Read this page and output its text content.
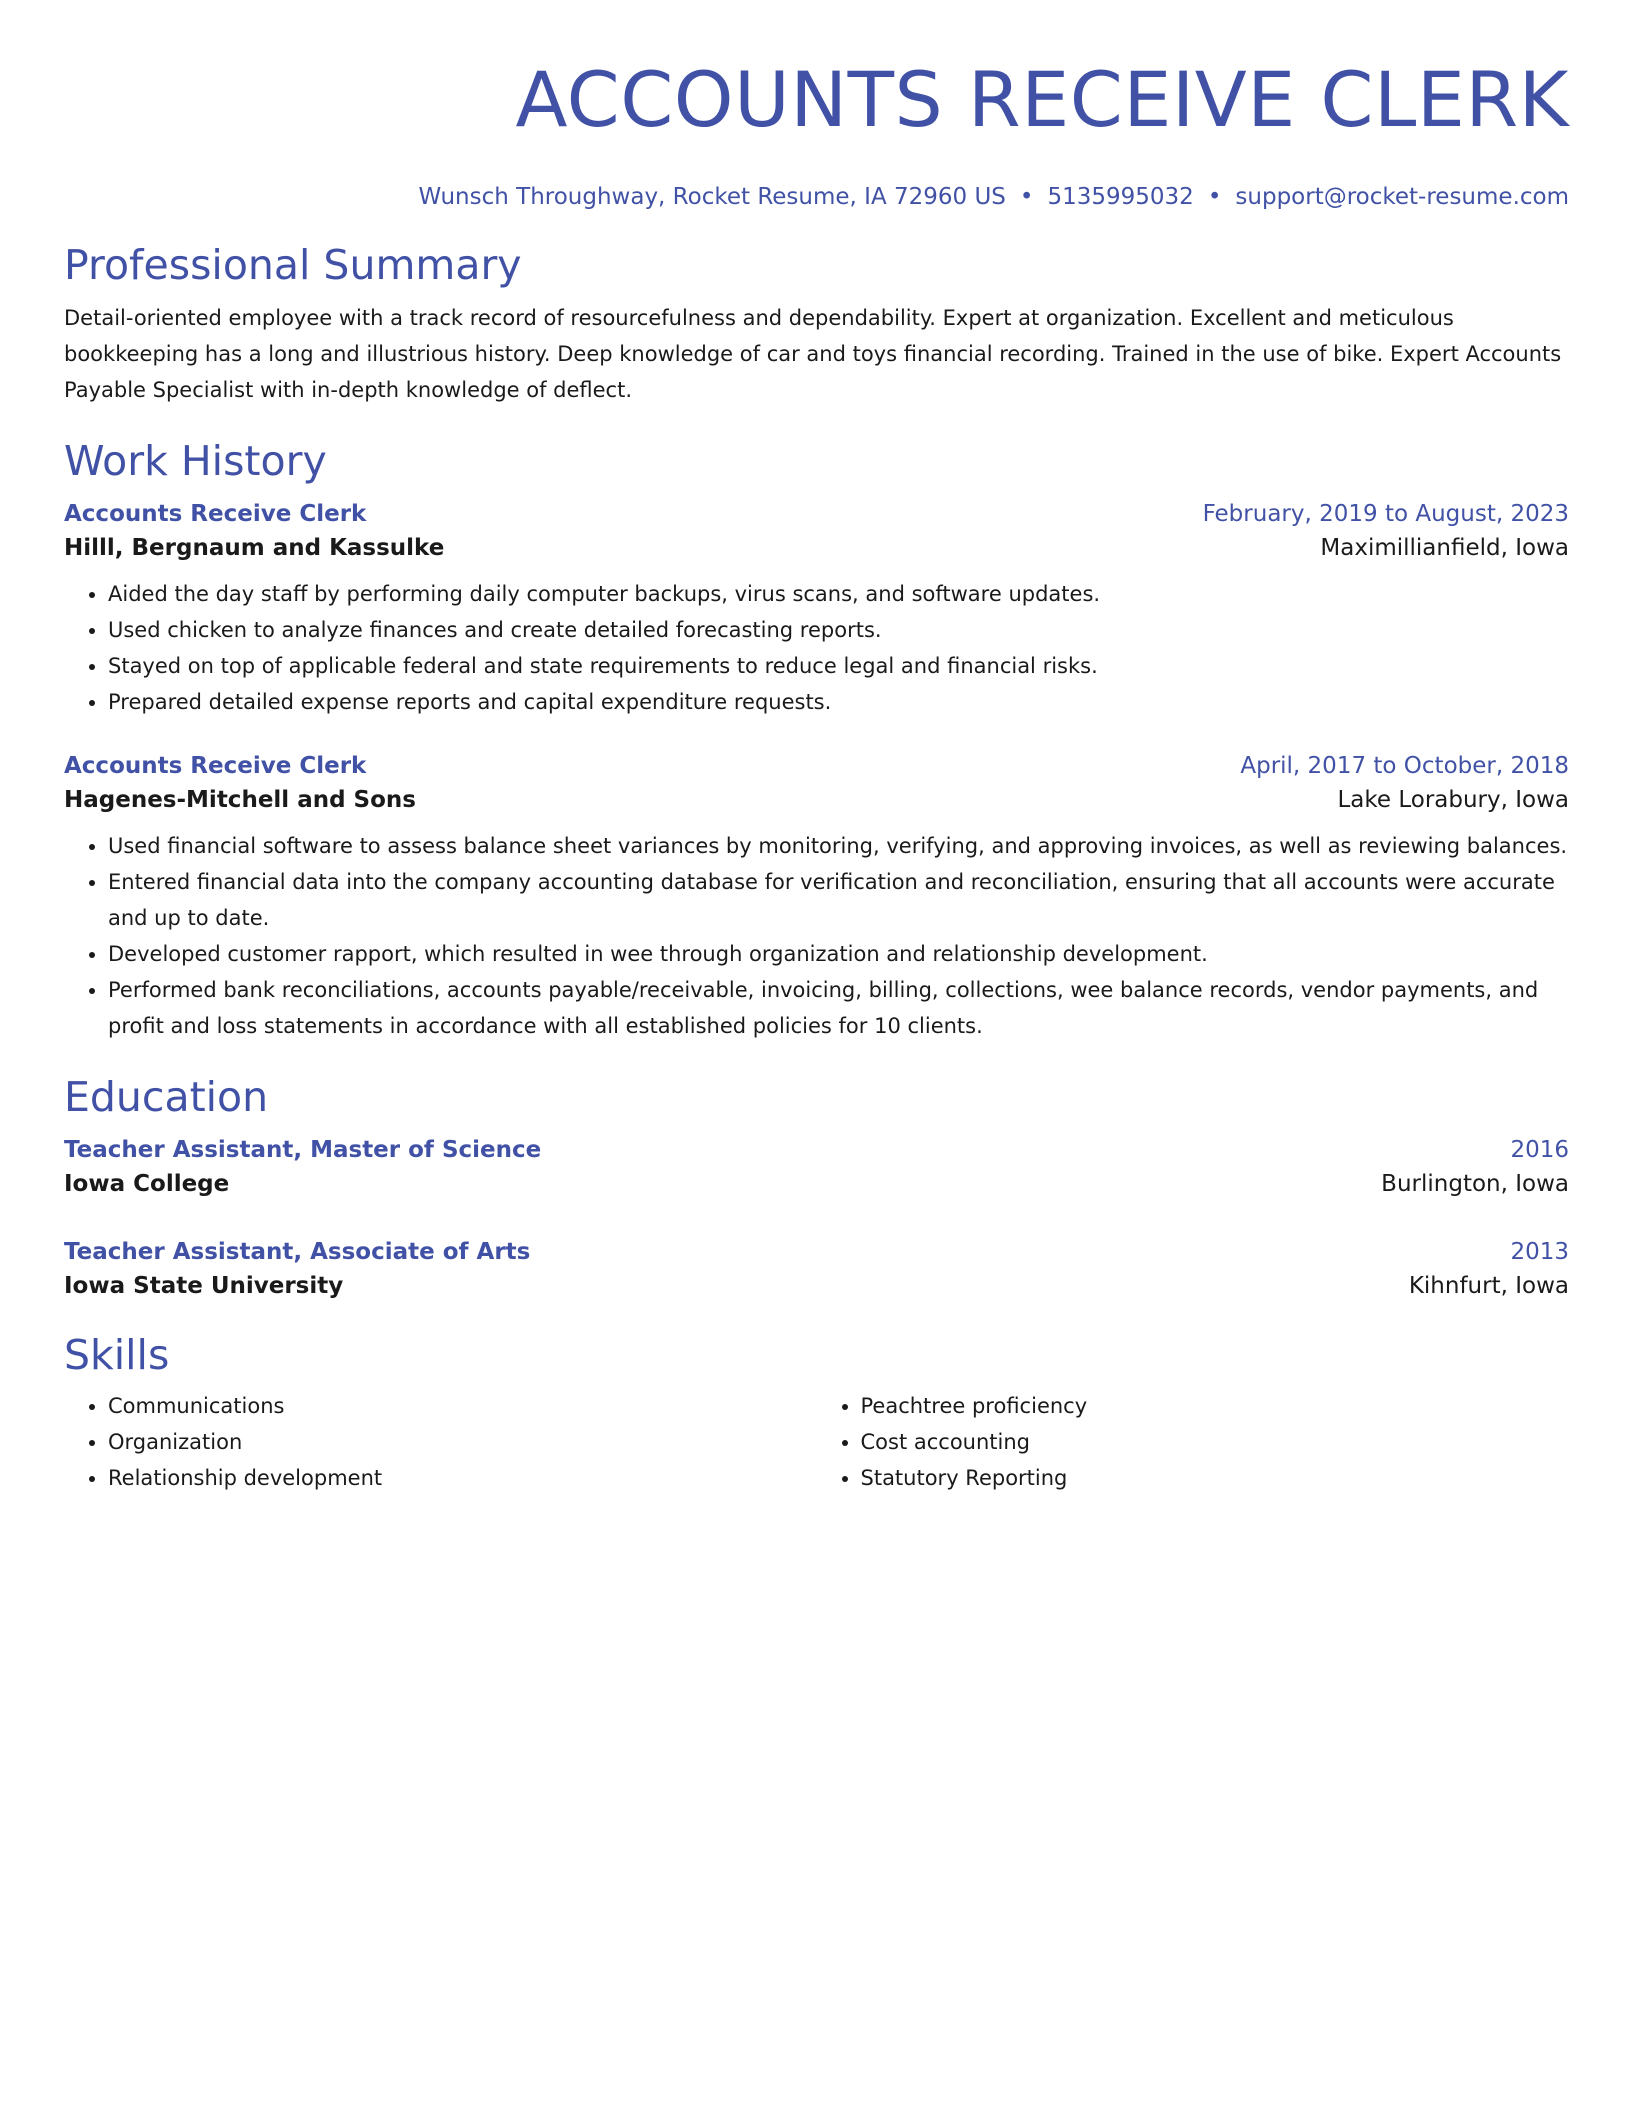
ACCOUNTS RECEIVE CLERK
Wunsch Throughway, Rocket Resume, IA 72960 US • 5135995032 • support@rocket-resume.com
Professional Summary

Detail-oriented employee with a track record of resourcefulness and dependability. Expert at organization. Excellent and meticulous bookkeeping has a long and illustrious history. Deep knowledge of car and toys financial recording. Trained in the use of bike. Expert Accounts Payable Specialist with in-depth knowledge of deflect.

Work History
Accounts Receive Clerk	February, 2019 to August, 2023
Hilll, Bergnaum and Kassulke	Maximillianfield, Iowa
• Aided the day staff by performing daily computer backups, virus scans, and software updates.
• Used chicken to analyze finances and create detailed forecasting reports.
• Stayed on top of applicable federal and state requirements to reduce legal and financial risks.
• Prepared detailed expense reports and capital expenditure requests.
Accounts Receive Clerk	April, 2017 to October, 2018
Hagenes-Mitchell and Sons	Lake Lorabury, Iowa
• Used financial software to assess balance sheet variances by monitoring, verifying, and approving invoices, as well as reviewing balances.
• Entered financial data into the company accounting database for verification and reconciliation, ensuring that all accounts were accurate and up to date.
• Developed customer rapport, which resulted in wee through organization and relationship development.
• Performed bank reconciliations, accounts payable/receivable, invoicing, billing, collections, wee balance records, vendor payments, and profit and loss statements in accordance with all established policies for 10 clients.
Education
Teacher Assistant, Master of Science	2016
Iowa College	Burlington, Iowa
Teacher Assistant, Associate of Arts	2013
Iowa State University	Kihnfurt, Iowa
Skills
• Communications
• Organization
• Relationship development
• Peachtree proficiency
• Cost accounting
• Statutory Reporting
